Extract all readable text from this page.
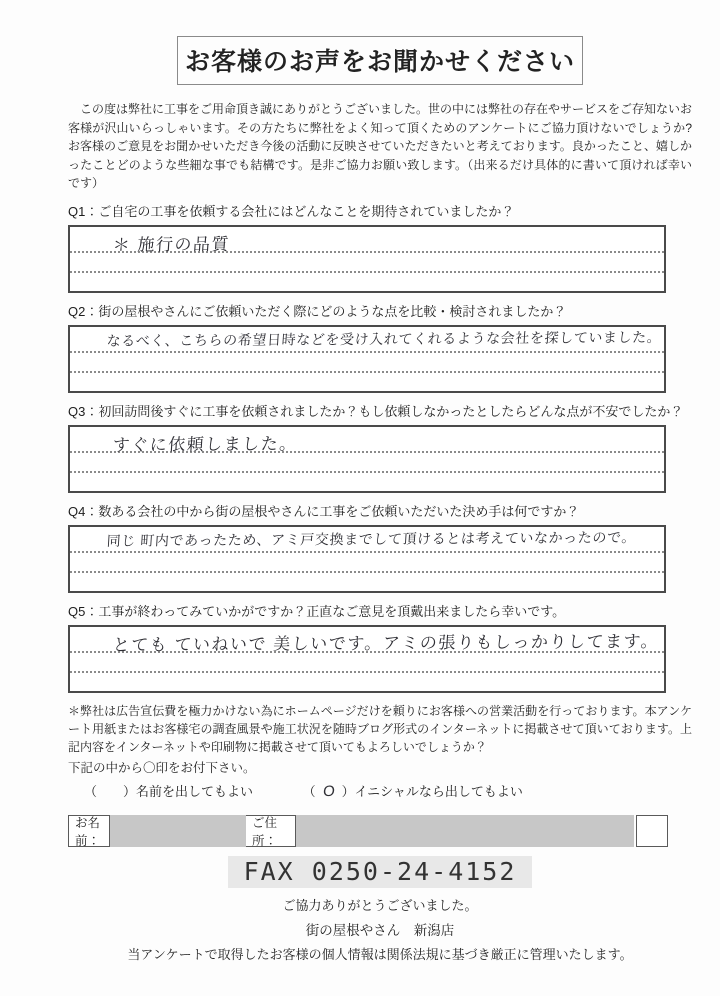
お客様のお声をお聞かせください

　この度は弊社に工事をご用命頂き誠にありがとうございました。世の中には弊社の存在やサービスをご存知ないお客様が沢山いらっしゃいます。その方たちに弊社をよく知って頂くためのアンケートにご協力頂けないでしょうか?お客様のご意見をお聞かせいただき今後の活動に反映させていただきたいと考えております。良かったこと、嬉しかったことどのような些細な事でも結構です。是非ご協力お願い致します。（出来るだけ具体的に書いて頂ければ幸いです）

Q1：ご自宅の工事を依頼する会社にはどんなことを期待されていましたか？
＊ 施行の品質
Q2：街の屋根やさんにご依頼いただく際にどのような点を比較・検討されましたか？
なるべく、こちらの希望日時などを受け入れてくれるような会社を探していました。
Q3：初回訪問後すぐに工事を依頼されましたか？もし依頼しなかったとしたらどんな点が不安でしたか？
すぐに依頼しました。
Q4：数ある会社の中から街の屋根やさんに工事をご依頼いただいた決め手は何ですか？
同じ 町内であったため、アミ戸交換までして頂けるとは考えていなかったので。
Q5：工事が終わってみていかがですか？正直なご意見を頂戴出来ましたら幸いです。
とても ていねいで 美しいです。アミの張りもしっかりしてます。

＊弊社は広告宣伝費を極力かけない為にホームページだけを頼りにお客様への営業活動を行っております。本アンケート用紙またはお客様宅の調査風景や施工状況を随時ブログ形式のインターネットに掲載させて頂いております。上記内容をインターネットや印刷物に掲載させて頂いてもよろしいでしょうか？

下記の中から〇印をお付下さい。

（ ）名前を出してもよい	（ O ）イニシャルなら出してもよい
お名前：
ご住所：
FAX 0250-24-4152

ご協力ありがとうございました。

街の屋根やさん　新潟店

当アンケートで取得したお客様の個人情報は関係法規に基づき厳正に管理いたします。
